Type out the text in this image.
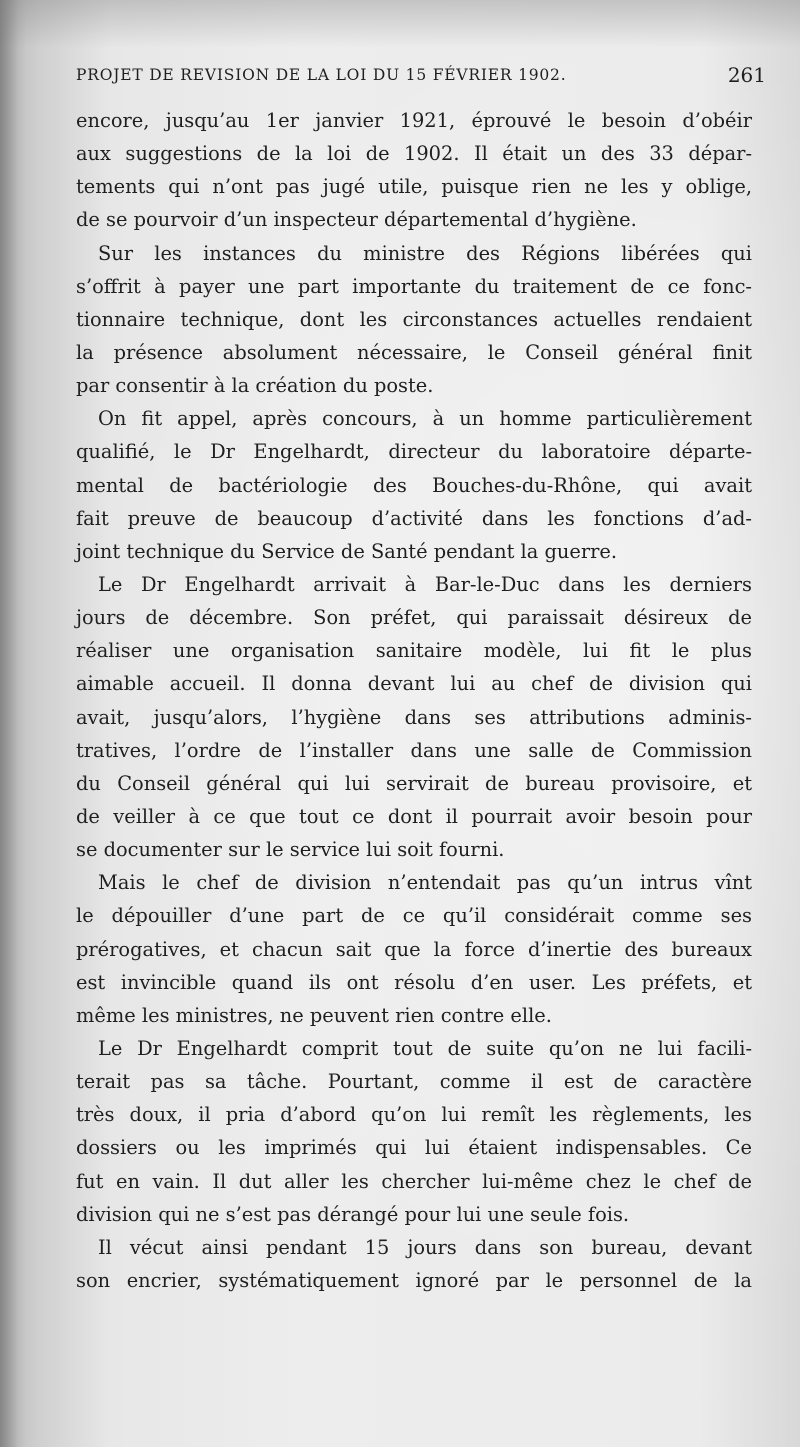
PROJET DE REVISION DE LA LOI DU 15 FÉVRIER 1902.	261
encore, jusqu’au 1er janvier 1921, éprouvé le besoin d’obéir
aux suggestions de la loi de 1902. Il était un des 33 dépar-
tements qui n’ont pas jugé utile, puisque rien ne les y oblige,
de se pourvoir d’un inspecteur départemental d’hygiène.
Sur les instances du ministre des Régions libérées qui
s’offrit à payer une part importante du traitement de ce fonc-
tionnaire technique, dont les circonstances actuelles rendaient
la présence absolument nécessaire, le Conseil général finit
par consentir à la création du poste.
On fit appel, après concours, à un homme particulièrement
qualifié, le Dr Engelhardt, directeur du laboratoire départe-
mental de bactériologie des Bouches-du-Rhône, qui avait
fait preuve de beaucoup d’activité dans les fonctions d’ad-
joint technique du Service de Santé pendant la guerre.
Le Dr Engelhardt arrivait à Bar-le-Duc dans les derniers
jours de décembre. Son préfet, qui paraissait désireux de
réaliser une organisation sanitaire modèle, lui fit le plus
aimable accueil. Il donna devant lui au chef de division qui
avait, jusqu’alors, l’hygiène dans ses attributions adminis-
tratives, l’ordre de l’installer dans une salle de Commission
du Conseil général qui lui servirait de bureau provisoire, et
de veiller à ce que tout ce dont il pourrait avoir besoin pour
se documenter sur le service lui soit fourni.
Mais le chef de division n’entendait pas qu’un intrus vînt
le dépouiller d’une part de ce qu’il considérait comme ses
prérogatives, et chacun sait que la force d’inertie des bureaux
est invincible quand ils ont résolu d’en user. Les préfets, et
même les ministres, ne peuvent rien contre elle.
Le Dr Engelhardt comprit tout de suite qu’on ne lui facili-
terait pas sa tâche. Pourtant, comme il est de caractère
très doux, il pria d’abord qu’on lui remît les règlements, les
dossiers ou les imprimés qui lui étaient indispensables. Ce
fut en vain. Il dut aller les chercher lui-même chez le chef de
division qui ne s’est pas dérangé pour lui une seule fois.
Il vécut ainsi pendant 15 jours dans son bureau, devant
son encrier, systématiquement ignoré par le personnel de la
